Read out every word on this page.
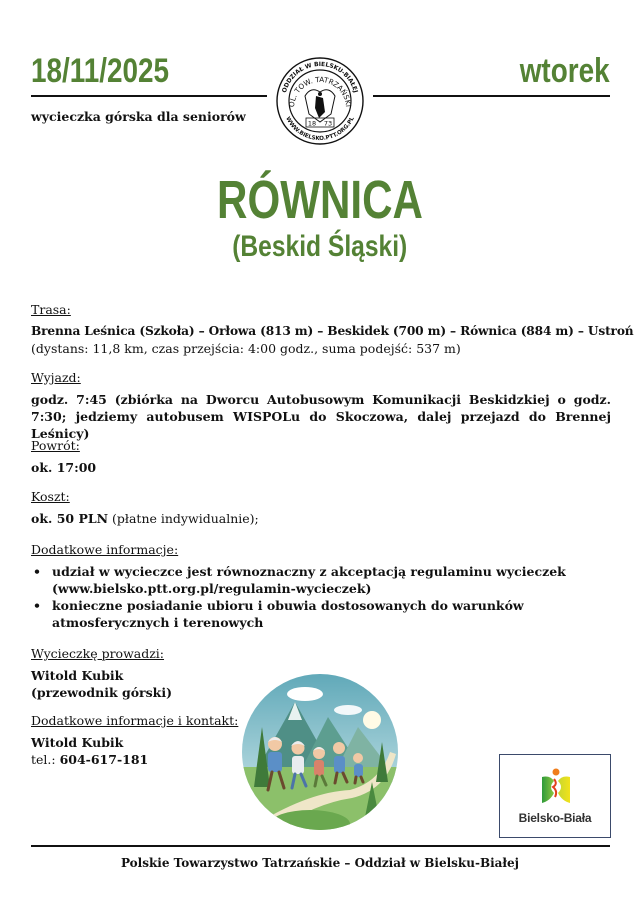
18/11/2025	wtorek
wycieczka górska dla seniorów
ODDZIAŁ W BIELSKU-BIAŁEJ
WWW.BIELSKO.PTT.ORG.PL
OL. TOW. TATRZAŃSKI
18 73
RÓWNICA
(Beskid Śląski)
Trasa:
Brenna Leśnica (Szkoła) – Orłowa (813 m) – Beskidek (700 m) – Równica (884 m) – Ustroń
(dystans: 11,8 km, czas przejścia: 4:00 godz., suma podejść: 537 m)
Wyjazd:
godz. 7:45 (zbiórka na Dworcu Autobusowym Komunikacji Beskidzkiej o godz. 7:30; jedziemy autobusem WISPOLu do Skoczowa, dalej przejazd do Brennej Leśnicy)
Powrót:
ok. 17:00
Koszt:
ok. 50 PLN (płatne indywidualnie);
Dodatkowe informacje:
• udział w wycieczce jest równoznaczny z akceptacją regulaminu wycieczek (www.bielsko.ptt.org.pl/regulamin-wycieczek)
• konieczne posiadanie ubioru i obuwia dostosowanych do warunków atmosferycznych i terenowych
Wycieczkę prowadzi:
Witold Kubik
(przewodnik górski)
Dodatkowe informacje i kontakt:
Witold Kubik
tel.: 604-617-181
Bielsko-Biała
Polskie Towarzystwo Tatrzańskie – Oddział w Bielsku-Białej
